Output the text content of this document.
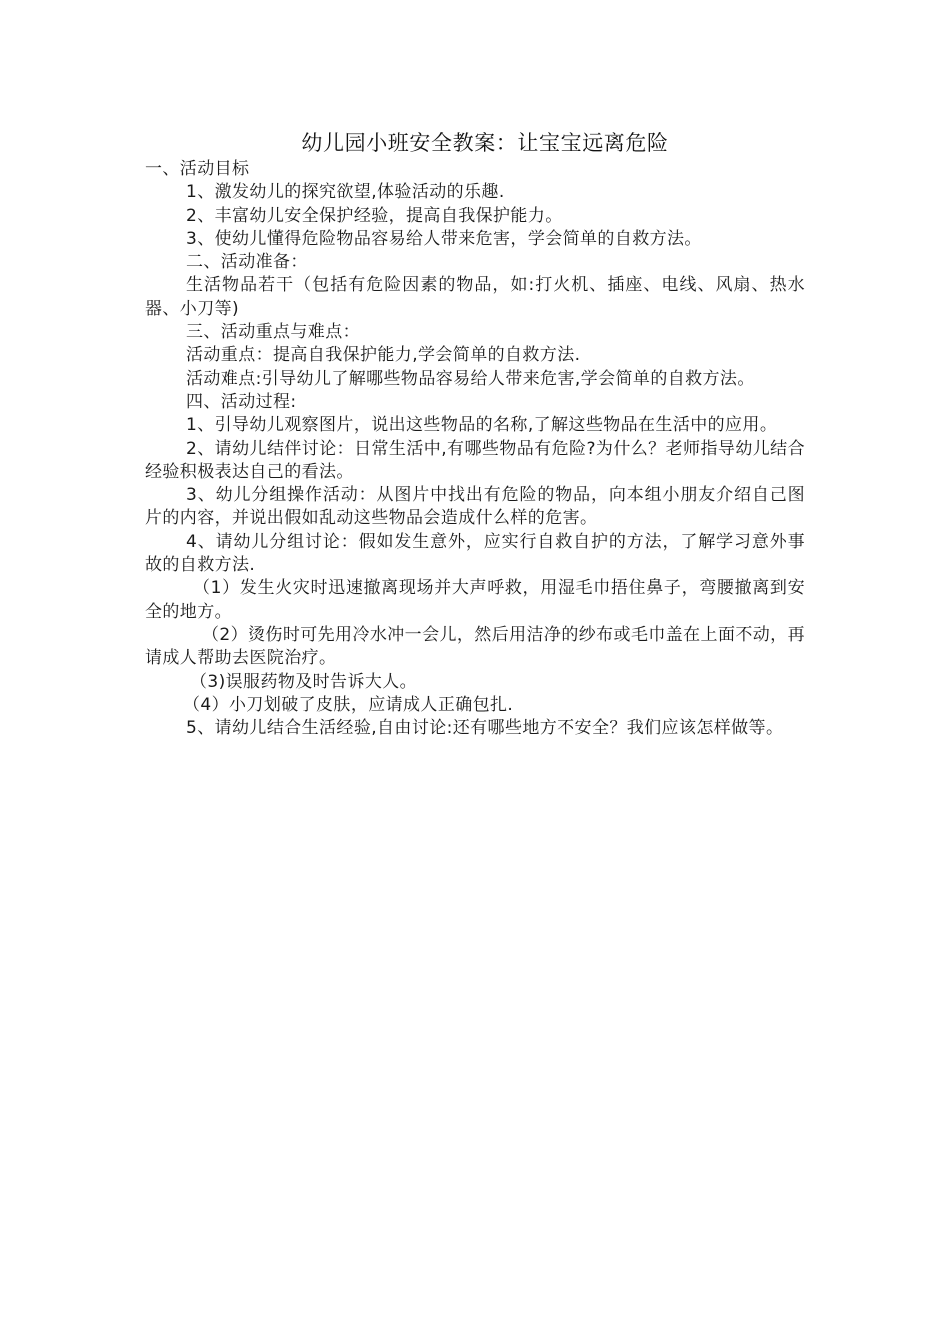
幼儿园小班安全教案：让宝宝远离危险

一、活动目标

1、激发幼儿的探究欲望,体验活动的乐趣.

2、丰富幼儿安全保护经验，提高自我保护能力。

3、使幼儿懂得危险物品容易给人带来危害，学会简单的自救方法。

二、活动准备：

生活物品若干（包括有危险因素的物品，如:打火机、插座、电线、风扇、热水器、小刀等)

三、活动重点与难点：

活动重点：提高自我保护能力,学会简单的自救方法.

活动难点:引导幼儿了解哪些物品容易给人带来危害,学会简单的自救方法。

四、活动过程:

1、引导幼儿观察图片，说出这些物品的名称,了解这些物品在生活中的应用。

2、请幼儿结伴讨论：日常生活中,有哪些物品有危险?为什么？老师指导幼儿结合经验积极表达自己的看法。

3、幼儿分组操作活动：从图片中找出有危险的物品，向本组小朋友介绍自己图片的内容，并说出假如乱动这些物品会造成什么样的危害。

4、请幼儿分组讨论：假如发生意外，应实行自救自护的方法，了解学习意外事故的自救方法.

（1）发生火灾时迅速撤离现场并大声呼救，用湿毛巾捂住鼻子，弯腰撤离到安全的地方。

（2）烫伤时可先用冷水冲一会儿，然后用洁净的纱布或毛巾盖在上面不动，再请成人帮助去医院治疗。

（3)误服药物及时告诉大人。

（4）小刀划破了皮肤，应请成人正确包扎.

5、请幼儿结合生活经验,自由讨论:还有哪些地方不安全？我们应该怎样做等。
